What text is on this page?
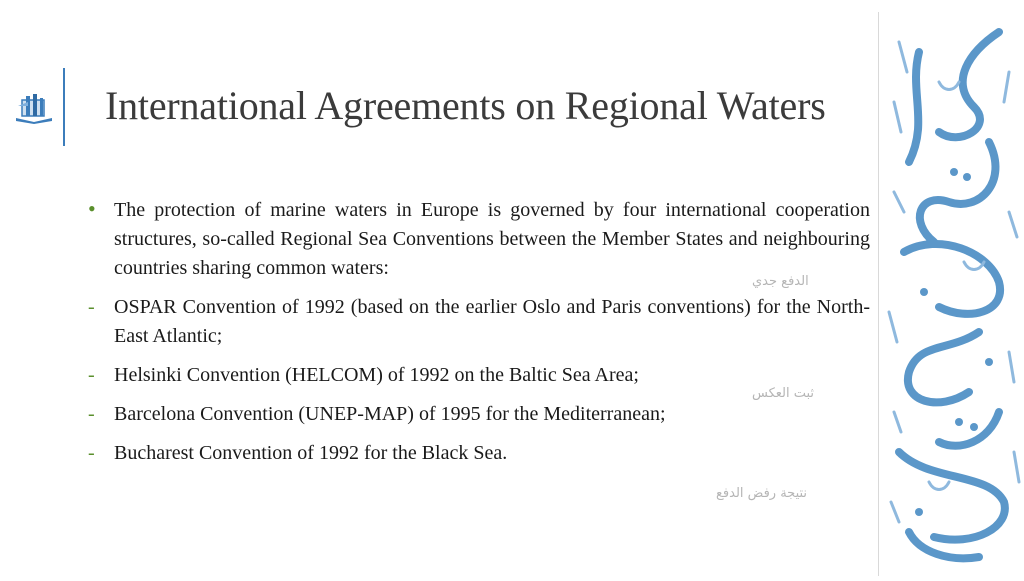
International Agreements on Regional Waters
• The protection of marine waters in Europe is governed by four international cooperation structures, so-called Regional Sea Conventions between the Member States and neighbouring countries sharing common waters:
- OSPAR Convention of 1992 (based on the earlier Oslo and Paris conventions) for the North-East Atlantic;
- Helsinki Convention (HELCOM) of 1992 on the Baltic Sea Area;
- Barcelona Convention (UNEP-MAP) of 1995 for the Mediterranean;
- Bucharest Convention of 1992 for the Black Sea.
الدفع جدي
ثبت العكس
نتيجة رفض الدفع
